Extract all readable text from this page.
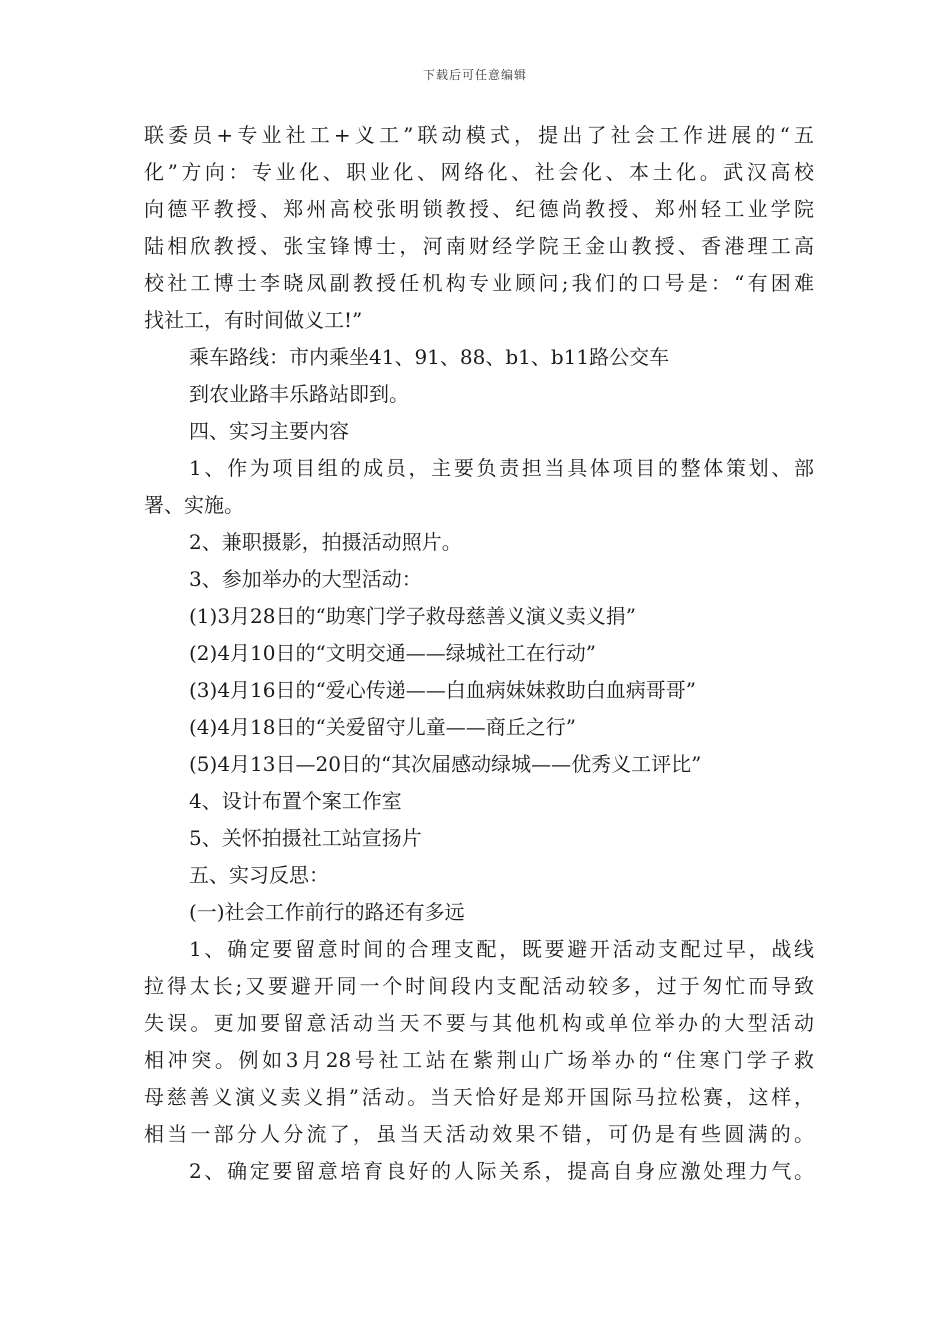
下载后可任意编辑
联委员+专业社工+义工”联动模式，提出了社会工作进展的“五
化”方向：专业化、职业化、网络化、社会化、本土化。武汉高校
向德平教授、郑州高校张明锁教授、纪德尚教授、郑州轻工业学院
陆相欣教授、张宝锋博士，河南财经学院王金山教授、香港理工高
校社工博士李晓凤副教授任机构专业顾问;我们的口号是：“有困难
找社工，有时间做义工!”
乘车路线：市内乘坐41、91、88、b1、b11路公交车
到农业路丰乐路站即到。
四、实习主要内容
1、作为项目组的成员，主要负责担当具体项目的整体策划、部
署、实施。
2、兼职摄影，拍摄活动照片。
3、参加举办的大型活动：
(1)3月28日的“助寒门学子救母慈善义演义卖义捐”
(2)4月10日的“文明交通——绿城社工在行动”
(3)4月16日的“爱心传递——白血病妹妹救助白血病哥哥”
(4)4月18日的“关爱留守儿童——商丘之行”
(5)4月13日—20日的“其次届感动绿城——优秀义工评比”
4、设计布置个案工作室
5、关怀拍摄社工站宣扬片
五、实习反思：
(一)社会工作前行的路还有多远
1、确定要留意时间的合理支配，既要避开活动支配过早，战线
拉得太长;又要避开同一个时间段内支配活动较多，过于匆忙而导致
失误。更加要留意活动当天不要与其他机构或单位举办的大型活动
相冲突。例如3月28号社工站在紫荆山广场举办的“住寒门学子救
母慈善义演义卖义捐”活动。当天恰好是郑开国际马拉松赛，这样，
相当一部分人分流了，虽当天活动效果不错，可仍是有些圆满的。
2、确定要留意培育良好的人际关系，提高自身应激处理力气。
